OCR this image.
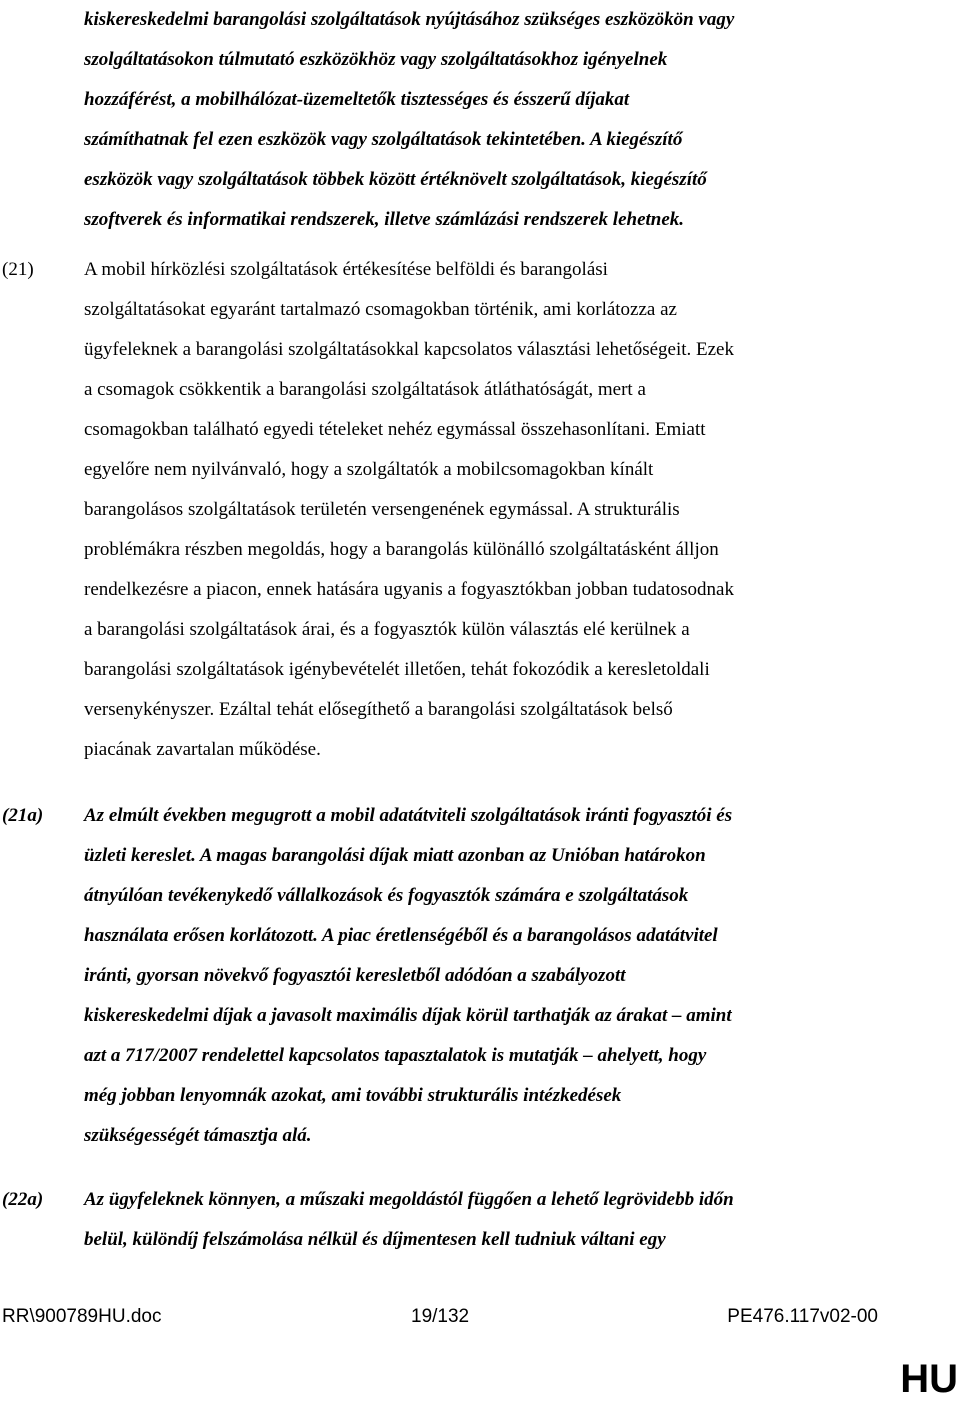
kiskereskedelmi barangolási szolgáltatások nyújtásához szükséges eszközökön vagy
szolgáltatásokon túlmutató eszközökhöz vagy szolgáltatásokhoz igényelnek
hozzáférést, a mobilhálózat-üzemeltetők tisztességes és ésszerű díjakat
számíthatnak fel ezen eszközök vagy szolgáltatások tekintetében. A kiegészítő
eszközök vagy szolgáltatások többek között értéknövelt szolgáltatások, kiegészítő
szoftverek és informatikai rendszerek, illetve számlázási rendszerek lehetnek.

(21)	A mobil hírközlési szolgáltatások értékesítése belföldi és barangolási
szolgáltatásokat egyaránt tartalmazó csomagokban történik, ami korlátozza az
ügyfeleknek a barangolási szolgáltatásokkal kapcsolatos választási lehetőségeit. Ezek
a csomagok csökkentik a barangolási szolgáltatások átláthatóságát, mert a
csomagokban található egyedi tételeket nehéz egymással összehasonlítani. Emiatt
egyelőre nem nyilvánvaló, hogy a szolgáltatók a mobilcsomagokban kínált
barangolásos szolgáltatások területén versengenének egymással. A strukturális
problémákra részben megoldás, hogy a barangolás különálló szolgáltatásként álljon
rendelkezésre a piacon, ennek hatására ugyanis a fogyasztókban jobban tudatosodnak
a barangolási szolgáltatások árai, és a fogyasztók külön választás elé kerülnek a
barangolási szolgáltatások igénybevételét illetően, tehát fokozódik a keresletoldali
versenykényszer. Ezáltal tehát elősegíthető a barangolási szolgáltatások belső
piacának zavartalan működése.

(21a) Az elmúlt években megugrott a mobil adatátviteli szolgáltatások iránti fogyasztói és
üzleti kereslet. A magas barangolási díjak miatt azonban az Unióban határokon
átnyúlóan tevékenykedő vállalkozások és fogyasztók számára e szolgáltatások
használata erősen korlátozott. A piac éretlenségéből és a barangolásos adatátvitel
iránti, gyorsan növekvő fogyasztói keresletből adódóan a szabályozott
kiskereskedelmi díjak a javasolt maximális díjak körül tarthatják az árakat – amint
azt a 717/2007 rendelettel kapcsolatos tapasztalatok is mutatják – ahelyett, hogy
még jobban lenyomnák azokat, ami további strukturális intézkedések
szükségességét támasztja alá.

(22a) Az ügyfeleknek könnyen, a műszaki megoldástól függően a lehető legrövidebb időn
belül, különdíj felszámolása nélkül és díjmentesen kell tudniuk váltani egy
RR\900789HU.doc	19/132	PE476.117v02-00
HU
